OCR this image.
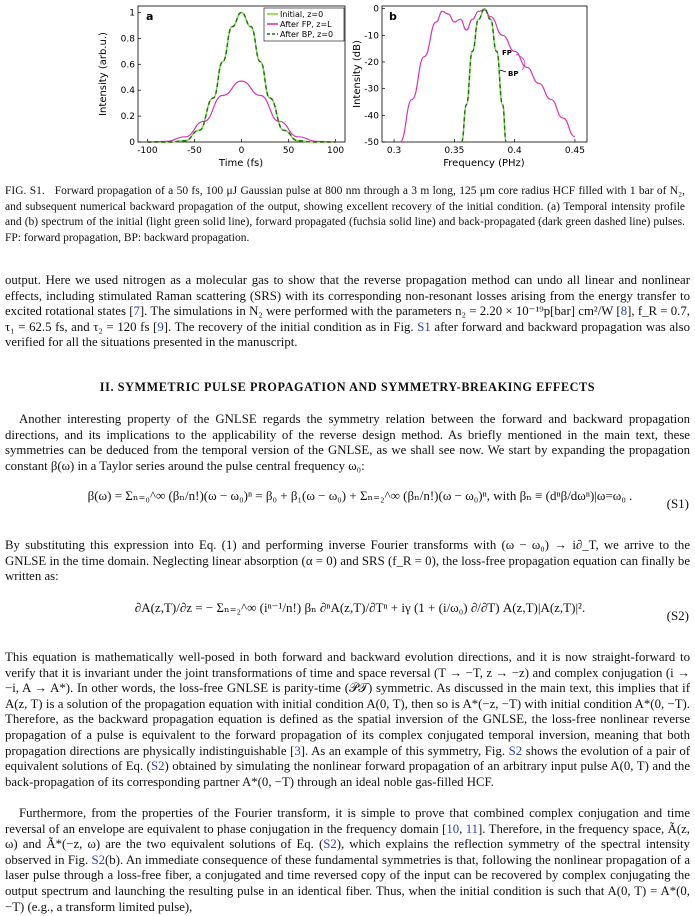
0
0.2
0.4
0.6
0.8
1
-100	-50	0	50	100
a
Time (fs)
Intensity (arb.u.)
Initial, z=0
After FP, z=L
After BP, z=0
0
-10
-20
-30
-40
-50
0.3	0.35	0.4	0.45
b
Frequency (PHz)
Intensity (dB)	FP
BP
FIG. S1. Forward propagation of a 50 fs, 100 μJ Gaussian pulse at 800 nm through a 3 m long, 125 μm core radius HCF filled with 1 bar of N₂, and subsequent numerical backward propagation of the output, showing excellent recovery of the initial condition. (a) Temporal intensity profile and (b) spectrum of the initial (light green solid line), forward propagated (fuchsia solid line) and back-propagated (dark green dashed line) pulses. FP: forward propagation, BP: backward propagation.
output. Here we used nitrogen as a molecular gas to show that the reverse propagation method can undo all linear and nonlinear effects, including stimulated Raman scattering (SRS) with its corresponding non-resonant losses arising from the energy transfer to excited rotational states [7]. The simulations in N₂ were performed with the parameters n₂ = 2.20 × 10⁻¹⁹p[bar] cm²/W [8], f_R = 0.7, τ₁ = 62.5 fs, and τ₂ = 120 fs [9]. The recovery of the initial condition as in Fig. S1 after forward and backward propagation was also verified for all the situations presented in the manuscript.
II. SYMMETRIC PULSE PROPAGATION AND SYMMETRY-BREAKING EFFECTS
Another interesting property of the GNLSE regards the symmetry relation between the forward and backward propagation directions, and its implications to the applicability of the reverse design method. As briefly mentioned in the main text, these symmetries can be deduced from the temporal version of the GNLSE, as we shall see now. We start by expanding the propagation constant β(ω) in a Taylor series around the pulse central frequency ω₀:
β(ω) = Σₙ₌₀^∞ (βₙ/n!)(ω − ω₀)ⁿ = β₀ + β₁(ω − ω₀) + Σₙ₌₂^∞ (βₙ/n!)(ω − ω₀)ⁿ, with βₙ ≡ (dⁿβ/dωⁿ)|ω=ω₀ .
(S1)
By substituting this expression into Eq. (1) and performing inverse Fourier transforms with (ω − ω₀) → i∂_T, we arrive to the GNLSE in the time domain. Neglecting linear absorption (α = 0) and SRS (f_R = 0), the loss-free propagation equation can finally be written as:
∂A(z,T)/∂z = − Σₙ₌₂^∞ (iⁿ⁻¹/n!) βₙ ∂ⁿA(z,T)/∂Tⁿ + iγ (1 + (i/ω₀) ∂/∂T) A(z,T)|A(z,T)|².
(S2)
This equation is mathematically well-posed in both forward and backward evolution directions, and it is now straight-forward to verify that it is invariant under the joint transformations of time and space reversal (T → −T, z → −z) and complex conjugation (i → −i, A → A*). In other words, the loss-free GNLSE is parity-time (𝒫𝒯) symmetric. As discussed in the main text, this implies that if A(z, T) is a solution of the propagation equation with initial condition A(0, T), then so is A*(−z, −T) with initial condition A*(0, −T). Therefore, as the backward propagation equation is defined as the spatial inversion of the GNLSE, the loss-free nonlinear reverse propagation of a pulse is equivalent to the forward propagation of its complex conjugated temporal inversion, meaning that both propagation directions are physically indistinguishable [3]. As an example of this symmetry, Fig. S2 shows the evolution of a pair of equivalent solutions of Eq. (S2) obtained by simulating the nonlinear forward propagation of an arbitrary input pulse A(0, T) and the back-propagation of its corresponding partner A*(0, −T) through an ideal noble gas-filled HCF.
Furthermore, from the properties of the Fourier transform, it is simple to prove that combined complex conjugation and time reversal of an envelope are equivalent to phase conjugation in the frequency domain [10, 11]. Therefore, in the frequency space, Ã(z, ω) and Ã*(−z, ω) are the two equivalent solutions of Eq. (S2), which explains the reflection symmetry of the spectral intensity observed in Fig. S2(b). An immediate consequence of these fundamental symmetries is that, following the nonlinear propagation of a laser pulse through a loss-free fiber, a conjugated and time reversed copy of the input can be recovered by complex conjugating the output spectrum and launching the resulting pulse in an identical fiber. Thus, when the initial condition is such that A(0, T) = A*(0, −T) (e.g., a transform limited pulse),
